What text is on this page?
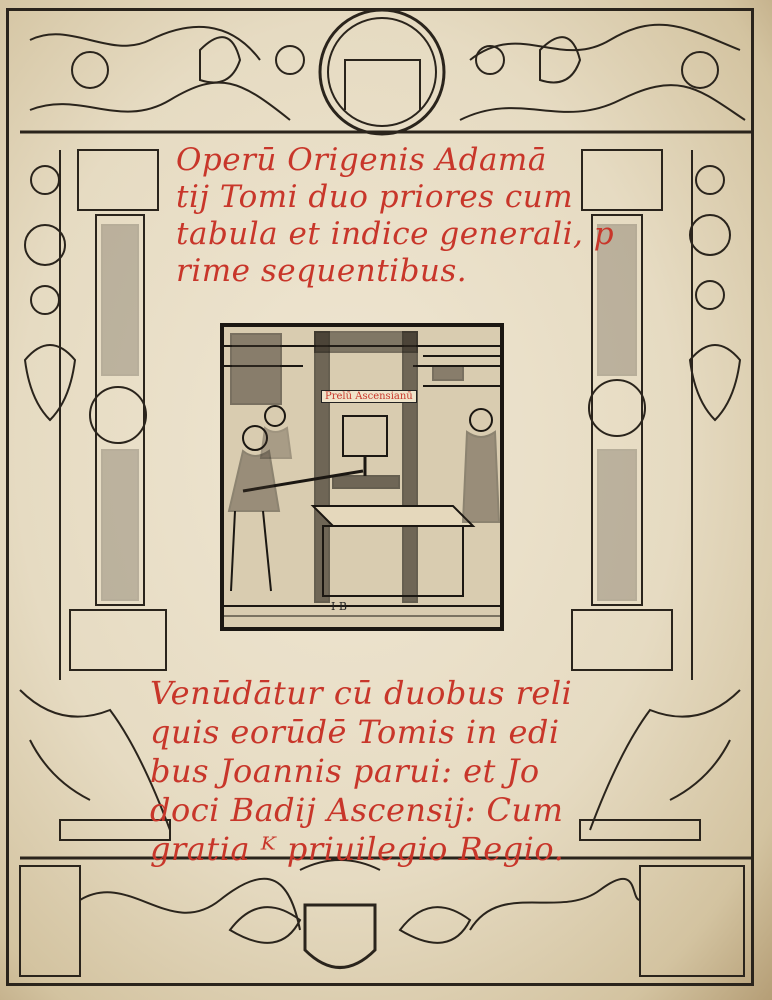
Operū Origenis Adamā
tij Tomi duo priores cum
tabula et indice generali, p
rime sequentibus.
Prelū Ascensianū
I B
Venūdātur cū duobus reli
quis eorūdē Tomis in edi
bus Joannis parui: et Jo
doci Badij Ascensij: Cum
gratia ᴷ priuilegio Regio.
